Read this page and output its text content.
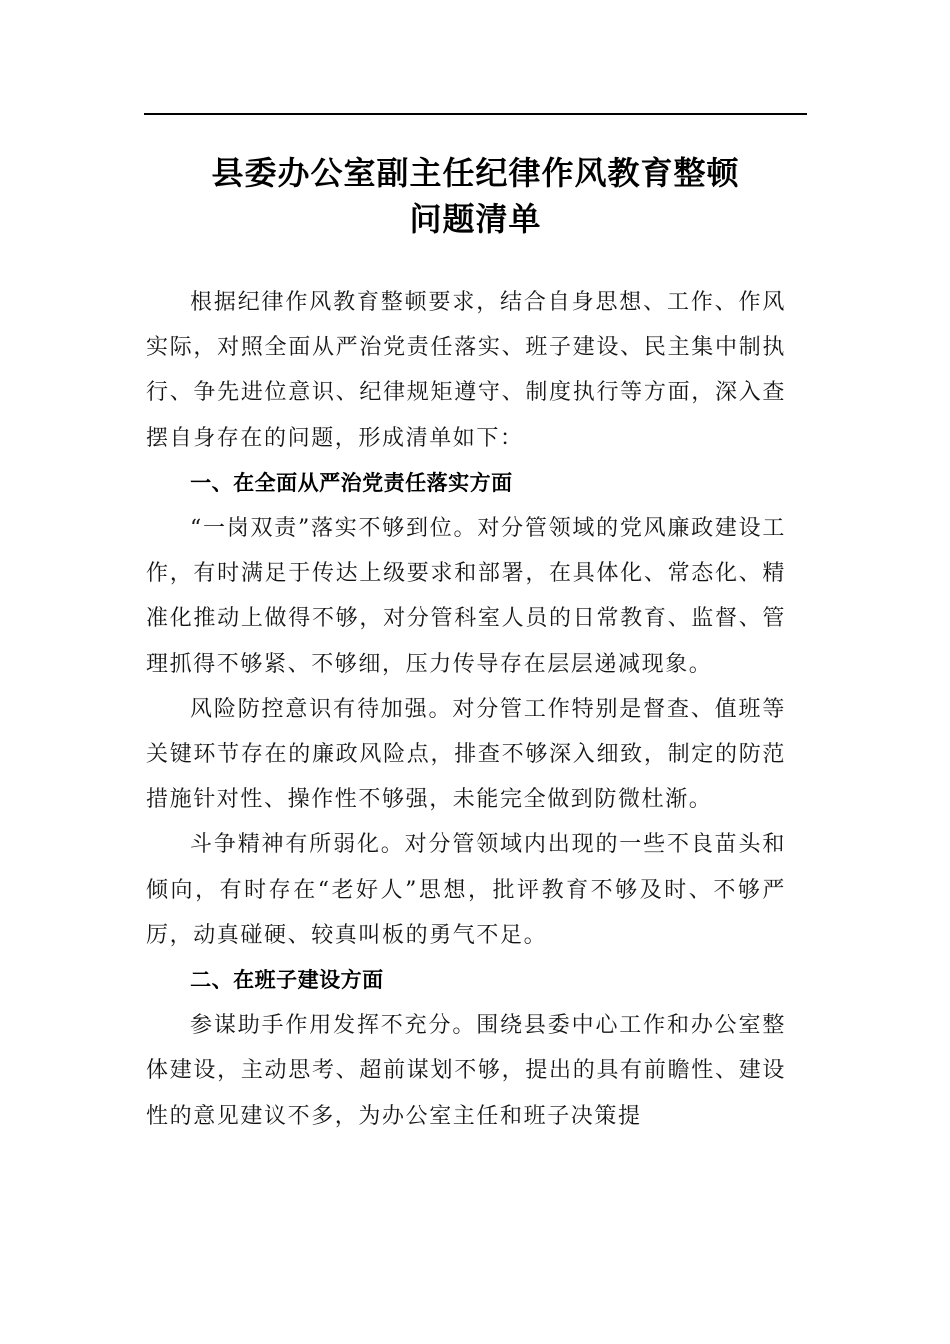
县委办公室副主任纪律作风教育整顿
问题清单

根据纪律作风教育整顿要求，结合自身思想、工作、作风实际，对照全面从严治党责任落实、班子建设、民主集中制执行、争先进位意识、纪律规矩遵守、制度执行等方面，深入查摆自身存在的问题，形成清单如下：

一、在全面从严治党责任落实方面

“一岗双责”落实不够到位。对分管领域的党风廉政建设工作，有时满足于传达上级要求和部署，在具体化、常态化、精准化推动上做得不够，对分管科室人员的日常教育、监督、管理抓得不够紧、不够细，压力传导存在层层递减现象。

风险防控意识有待加强。对分管工作特别是督查、值班等关键环节存在的廉政风险点，排查不够深入细致，制定的防范措施针对性、操作性不够强，未能完全做到防微杜渐。

斗争精神有所弱化。对分管领域内出现的一些不良苗头和倾向，有时存在“老好人”思想，批评教育不够及时、不够严厉，动真碰硬、较真叫板的勇气不足。

二、在班子建设方面

参谋助手作用发挥不充分。围绕县委中心工作和办公室整体建设，主动思考、超前谋划不够，提出的具有前瞻性、建设性的意见建议不多，为办公室主任和班子决策提
